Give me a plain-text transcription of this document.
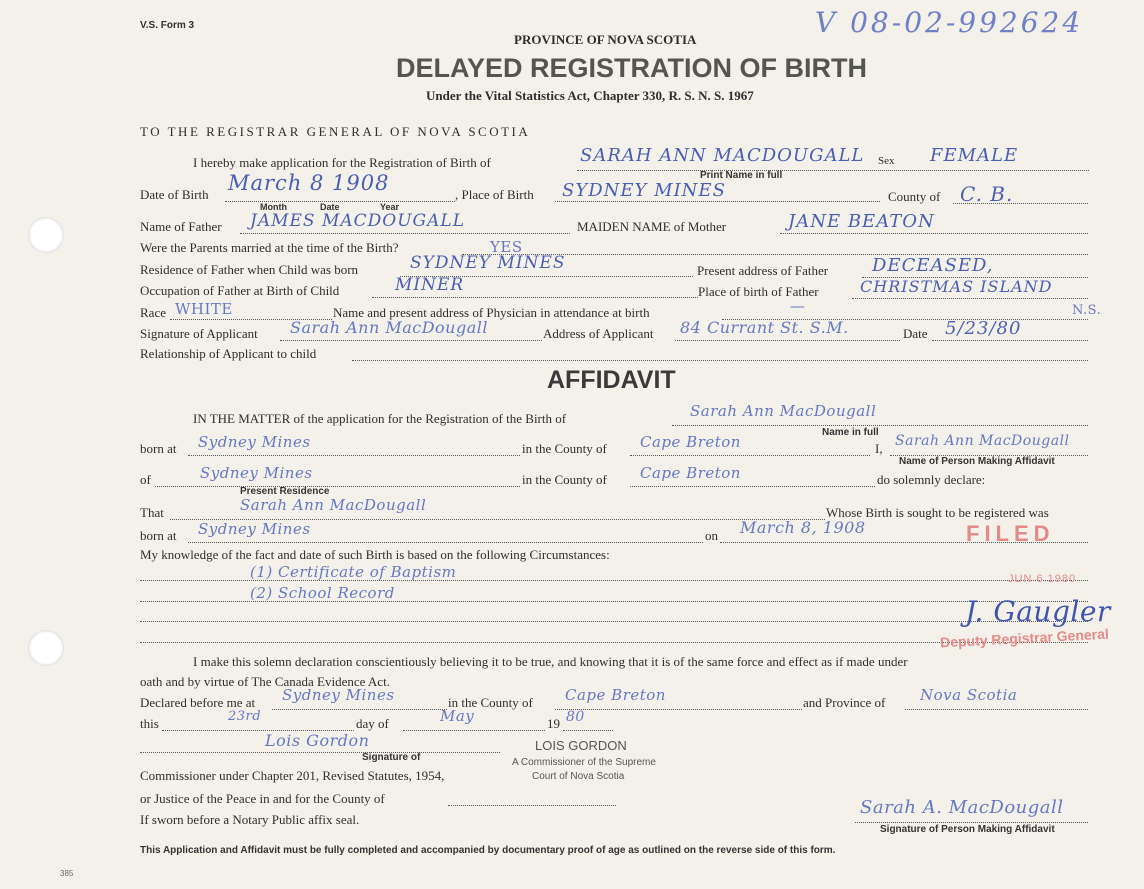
V.S. Form 3	V 08-02-992624
PROVINCE OF NOVA SCOTIA
DELAYED REGISTRATION OF BIRTH
Under the Vital Statistics Act, Chapter 330, R. S. N. S. 1967
TO THE REGISTRAR GENERAL OF NOVA SCOTIA
I hereby make application for the Registration of Birth of	SARAH ANN MACDOUGALL
Print Name in full
Sex FEMALE
Date of Birth March 8 1908
Month	Date	Year
, Place of Birth SYDNEY MINES	County of C. B.
Name of Father JAMES MACDOUGALL	MAIDEN NAME of Mother	JANE BEATON
Were the Parents married at the time of the Birth?	YES
Residence of Father when Child was born	SYDNEY MINES	Present address of Father DECEASED,
Occupation of Father at Birth of Child	MINER	Place of birth of Father	CHRISTMAS ISLAND
Race WHITE	Name and present address of Physician in attendance at birth	—	N.S.
Signature of Applicant Sarah Ann MacDougall	Address of Applicant 84 Currant St. S.M.	Date 5/23/80
Relationship of Applicant to child
AFFIDAVIT
IN THE MATTER of the application for the Registration of the Birth of	Sarah Ann MacDougall
Name in full
born at Sydney Mines	in the County of Cape Breton	I, Sarah Ann MacDougall
Name of Person Making Affidavit
of	Sydney Mines	in the County of Cape Breton	do solemnly declare:
Present Residence
That	Sarah Ann MacDougall	Whose Birth is sought to be registered was
born at Sydney Mines	on March 8, 1908
My knowledge of the fact and date of such Birth is based on the following Circumstances:
(1) Certificate of Baptism
(2) School Record
I make this solemn declaration conscientiously believing it to be true, and knowing that it is of the same force and effect as if made under
oath and by virtue of The Canada Evidence Act.
Declared before me at Sydney Mines	in the County of Cape Breton	and Province of Nova Scotia
this	23rd	day of	May	19 80
Lois Gordon
Signature of
LOIS GORDON
A Commissioner of the Supreme
Court of Nova Scotia
Commissioner under Chapter 201, Revised Statutes, 1954,
or Justice of the Peace in and for the County of
If sworn before a Notary Public affix seal.
Sarah A. MacDougall
Signature of Person Making Affidavit
FILED
JUN 6 1980
J. Gaugler
Deputy Registrar General
This Application and Affidavit must be fully completed and accompanied by documentary proof of age as outlined on the reverse side of this form.
385
